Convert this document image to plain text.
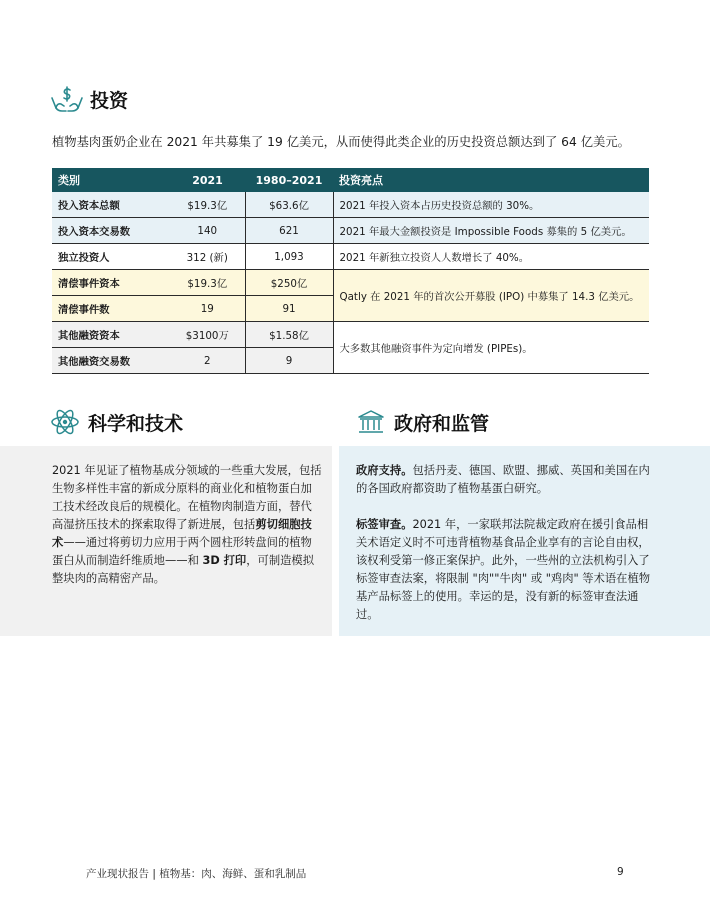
投资
植物基肉蛋奶企业在 2021 年共募集了 19 亿美元，从而使得此类企业的历史投资总额达到了 64 亿美元。
类别	2021	1980–2021	投资亮点
投入资本总额	$19.3亿	$63.6亿	2021 年投入资本占历史投资总额的 30%。
投入资本交易数	140	621	2021 年最大金额投资是 Impossible Foods 募集的 5 亿美元。
独立投资人	312 (新)	1,093	2021 年新独立投资人人数增长了 40%。
清偿事件资本	$19.3亿	$250亿	Qatly 在 2021 年的首次公开募股 (IPO) 中募集了 14.3 亿美元。
清偿事件数	19	91	
其他融资资本	$3100万	$1.58亿	大多数其他融资事件为定向增发 (PIPEs)。
其他融资交易数	2	9	
科学和技术	政府和监管
2021 年见证了植物基成分领域的一些重大发展，包括生物多样性丰富的新成分原料的商业化和植物蛋白加工技术经改良后的规模化。在植物肉制造方面，替代高湿挤压技术的探索取得了新进展，包括剪切细胞技术——通过将剪切力应用于两个圆柱形转盘间的植物蛋白从而制造纤维质地——和 3D 打印，可制造模拟整块肉的高精密产品。
政府支持。包括丹麦、德国、欧盟、挪威、英国和美国在内的各国政府都资助了植物基蛋白研究。
标签审查。2021 年，一家联邦法院裁定政府在援引食品相关术语定义时不可违背植物基食品企业享有的言论自由权，该权利受第一修正案保护。此外，一些州的立法机构引入了标签审查法案，将限制 "肉""牛肉" 或 "鸡肉" 等术语在植物基产品标签上的使用。幸运的是，没有新的标签审查法通过。
产业现状报告 | 植物基：肉、海鲜、蛋和乳制品	9
